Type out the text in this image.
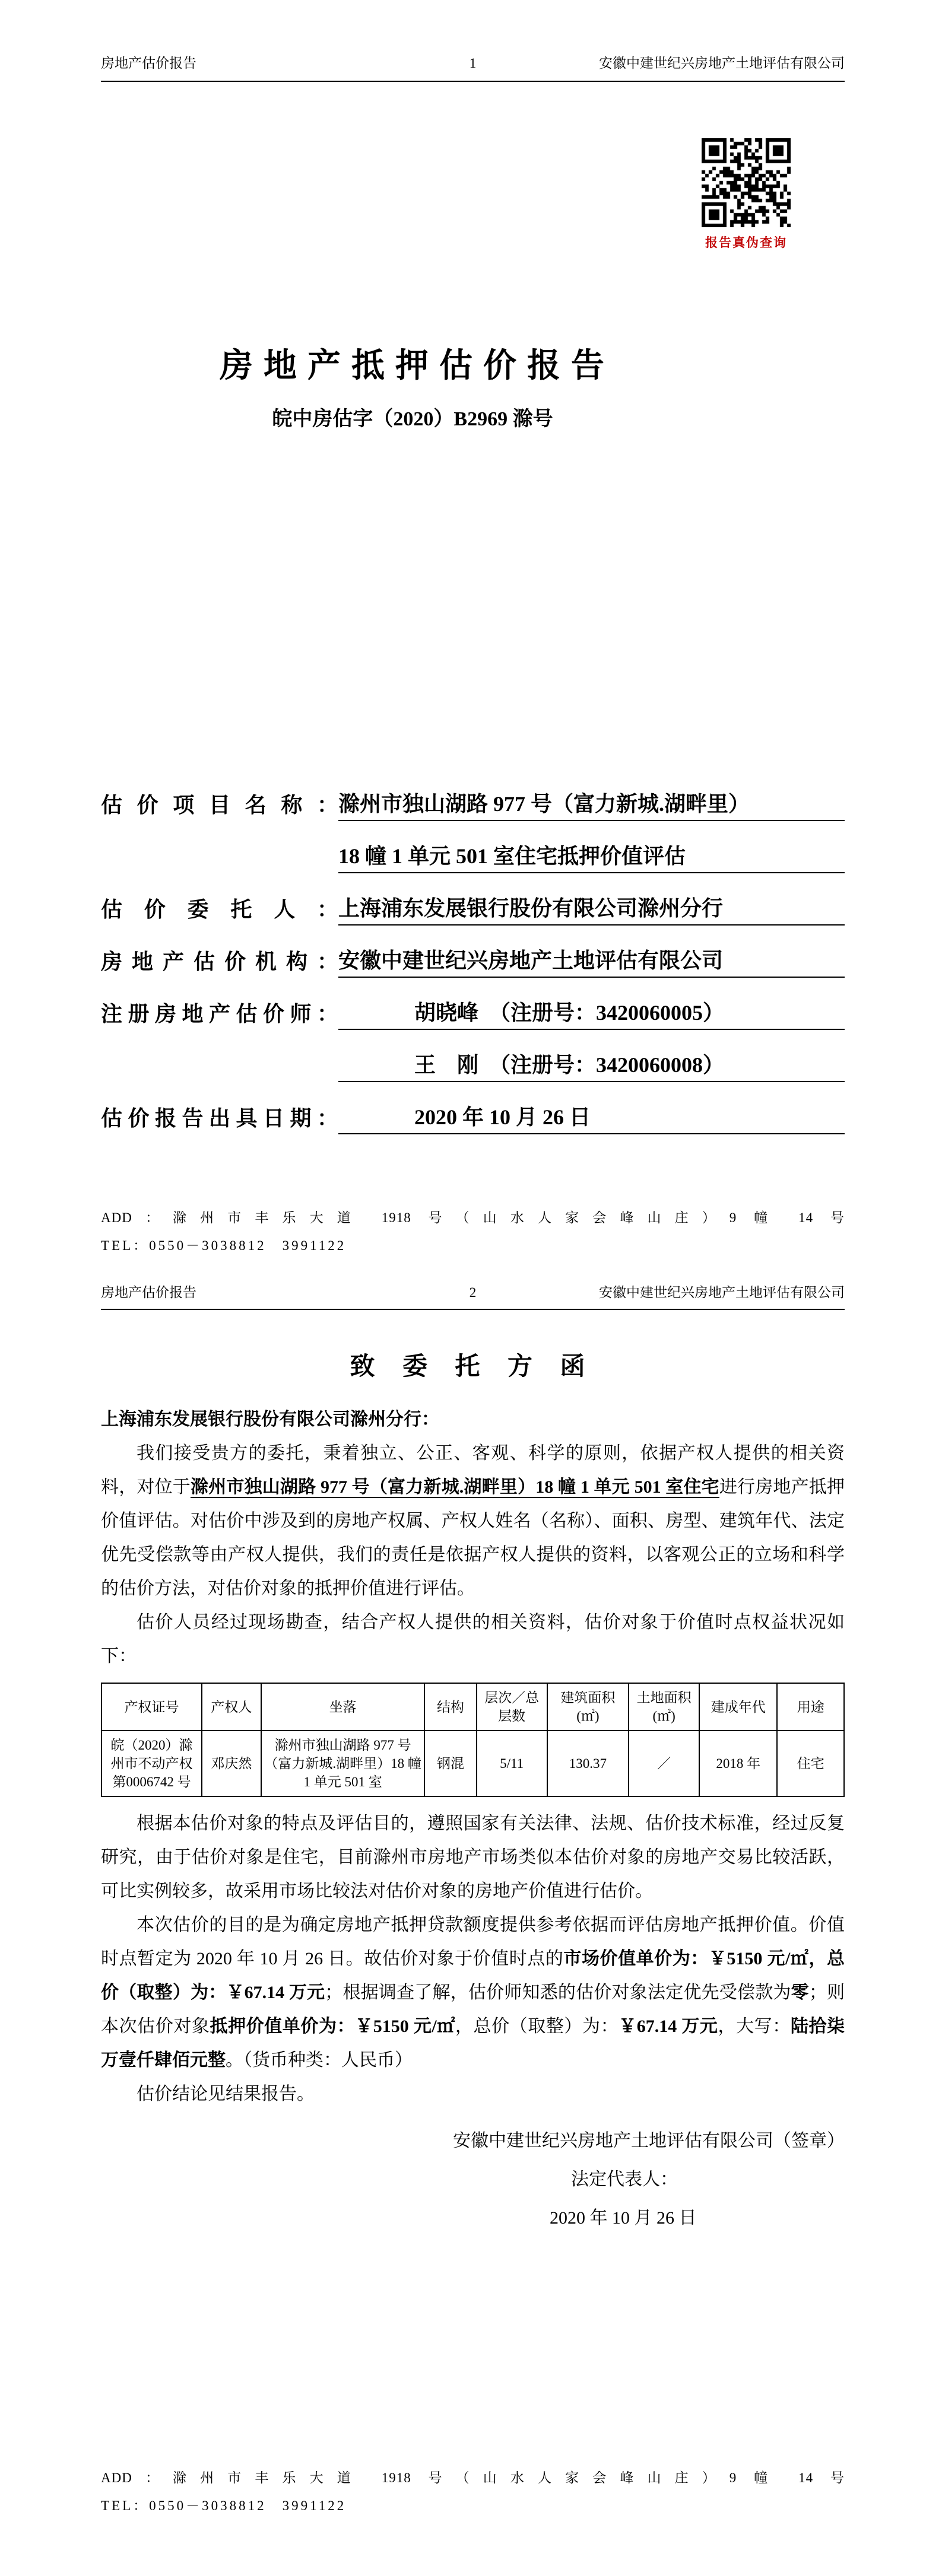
房地产估价报告	1	安徽中建世纪兴房地产土地评估有限公司
报告真伪查询
房 地 产 抵 押 估 价 报 告
皖中房估字（2020）B2969 滁号
估价项目名称： 滁州市独山湖路 977 号（富力新城.湖畔里）
18 幢 1 单元 501 室住宅抵押价值评估
估价委托人： 上海浦东发展银行股份有限公司滁州分行
房地产估价机构： 安徽中建世纪兴房地产土地评估有限公司
注册房地产估价师：	胡晓峰　（注册号：3420060005）
王　刚　（注册号：3420060008）
估价报告出具日期：	2020 年 10 月 26 日
ADD：滁州市丰乐大道 1918 号（山水人家会峰山庄）9 幢 14 号
TEL：0550－3038812　3991122
房地产估价报告	2	安徽中建世纪兴房地产土地评估有限公司
致 委 托 方 函
上海浦东发展银行股份有限公司滁州分行：

我们接受贵方的委托，秉着独立、公正、客观、科学的原则，依据产权人提供的相关资料，对位于滁州市独山湖路 977 号（富力新城.湖畔里）18 幢 1 单元 501 室住宅进行房地产抵押价值评估。对估价中涉及到的房地产权属、产权人姓名（名称）、面积、房型、建筑年代、法定优先受偿款等由产权人提供，我们的责任是依据产权人提供的资料，以客观公正的立场和科学的估价方法，对估价对象的抵押价值进行评估。

估价人员经过现场勘查，结合产权人提供的相关资料，估价对象于价值时点权益状况如下：

产权证号	产权人	坐落	结构	层次／总层数	建筑面积(㎡)	土地面积(㎡)	建成年代	用途
皖（2020）滁州市不动产权第0006742 号	邓庆然	滁州市独山湖路 977 号（富力新城.湖畔里）18 幢 1 单元 501 室	钢混	5/11	130.37	／	2018 年	住宅

根据本估价对象的特点及评估目的，遵照国家有关法律、法规、估价技术标准，经过反复研究，由于估价对象是住宅，目前滁州市房地产市场类似本估价对象的房地产交易比较活跃，可比实例较多，故采用市场比较法对估价对象的房地产价值进行估价。

本次估价的目的是为确定房地产抵押贷款额度提供参考依据而评估房地产抵押价值。价值时点暂定为 2020 年 10 月 26 日。故估价对象于价值时点的市场价值单价为：￥5150 元/㎡，总价（取整）为：￥67.14 万元；根据调查了解，估价师知悉的估价对象法定优先受偿款为零；则本次估价对象抵押价值单价为：￥5150 元/㎡，总价（取整）为：￥67.14 万元，大写：陆拾柒万壹仟肆佰元整。（货币种类：人民币）

估价结论见结果报告。

安徽中建世纪兴房地产土地评估有限公司（签章）
法定代表人：
2020 年 10 月 26 日
ADD：滁州市丰乐大道 1918 号（山水人家会峰山庄）9 幢 14 号
TEL：0550－3038812　3991122
